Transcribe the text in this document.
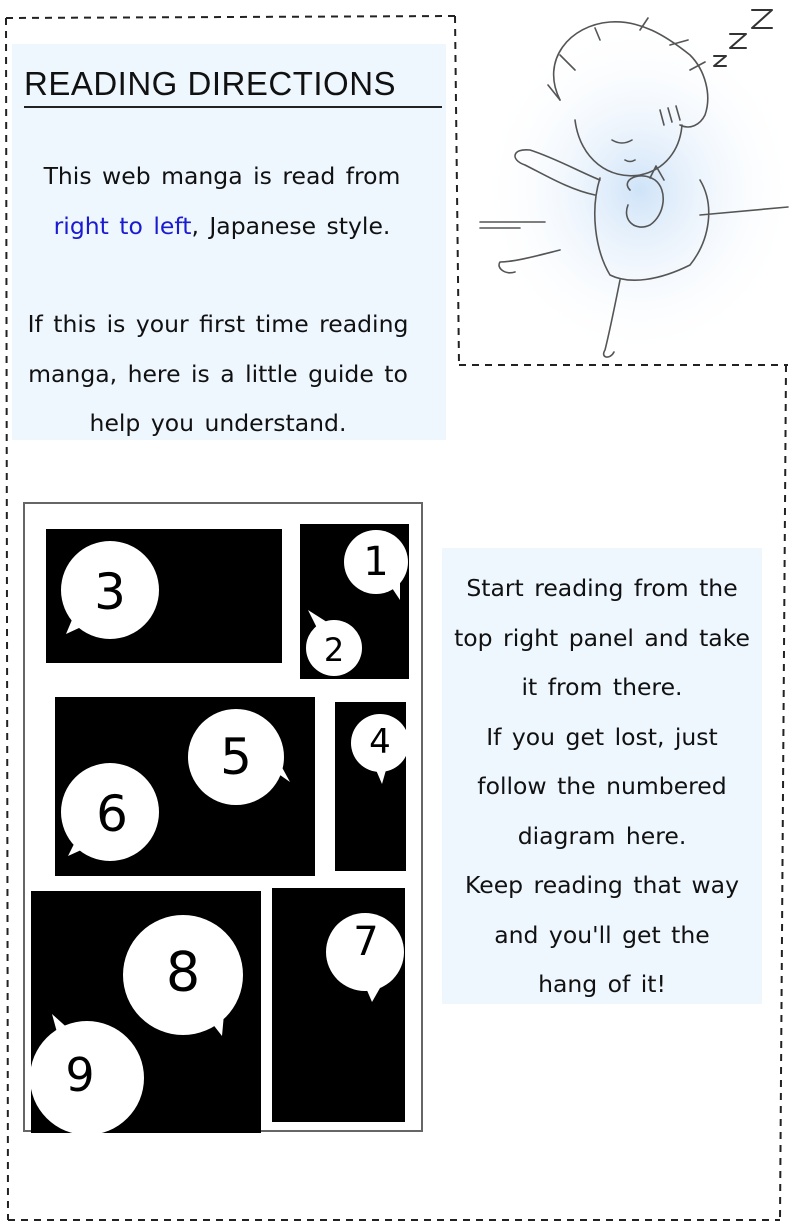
READING DIRECTIONS

This web manga is read from

right to left, Japanese style.

If this is your first time reading

manga, here is a little guide to

help you understand.

3
1
2
4
5
6
7
8
9

Start reading from the

top right panel and take

it from there.

If you get lost, just

follow the numbered

diagram here.

Keep reading that way

and you'll get the

hang of it!
